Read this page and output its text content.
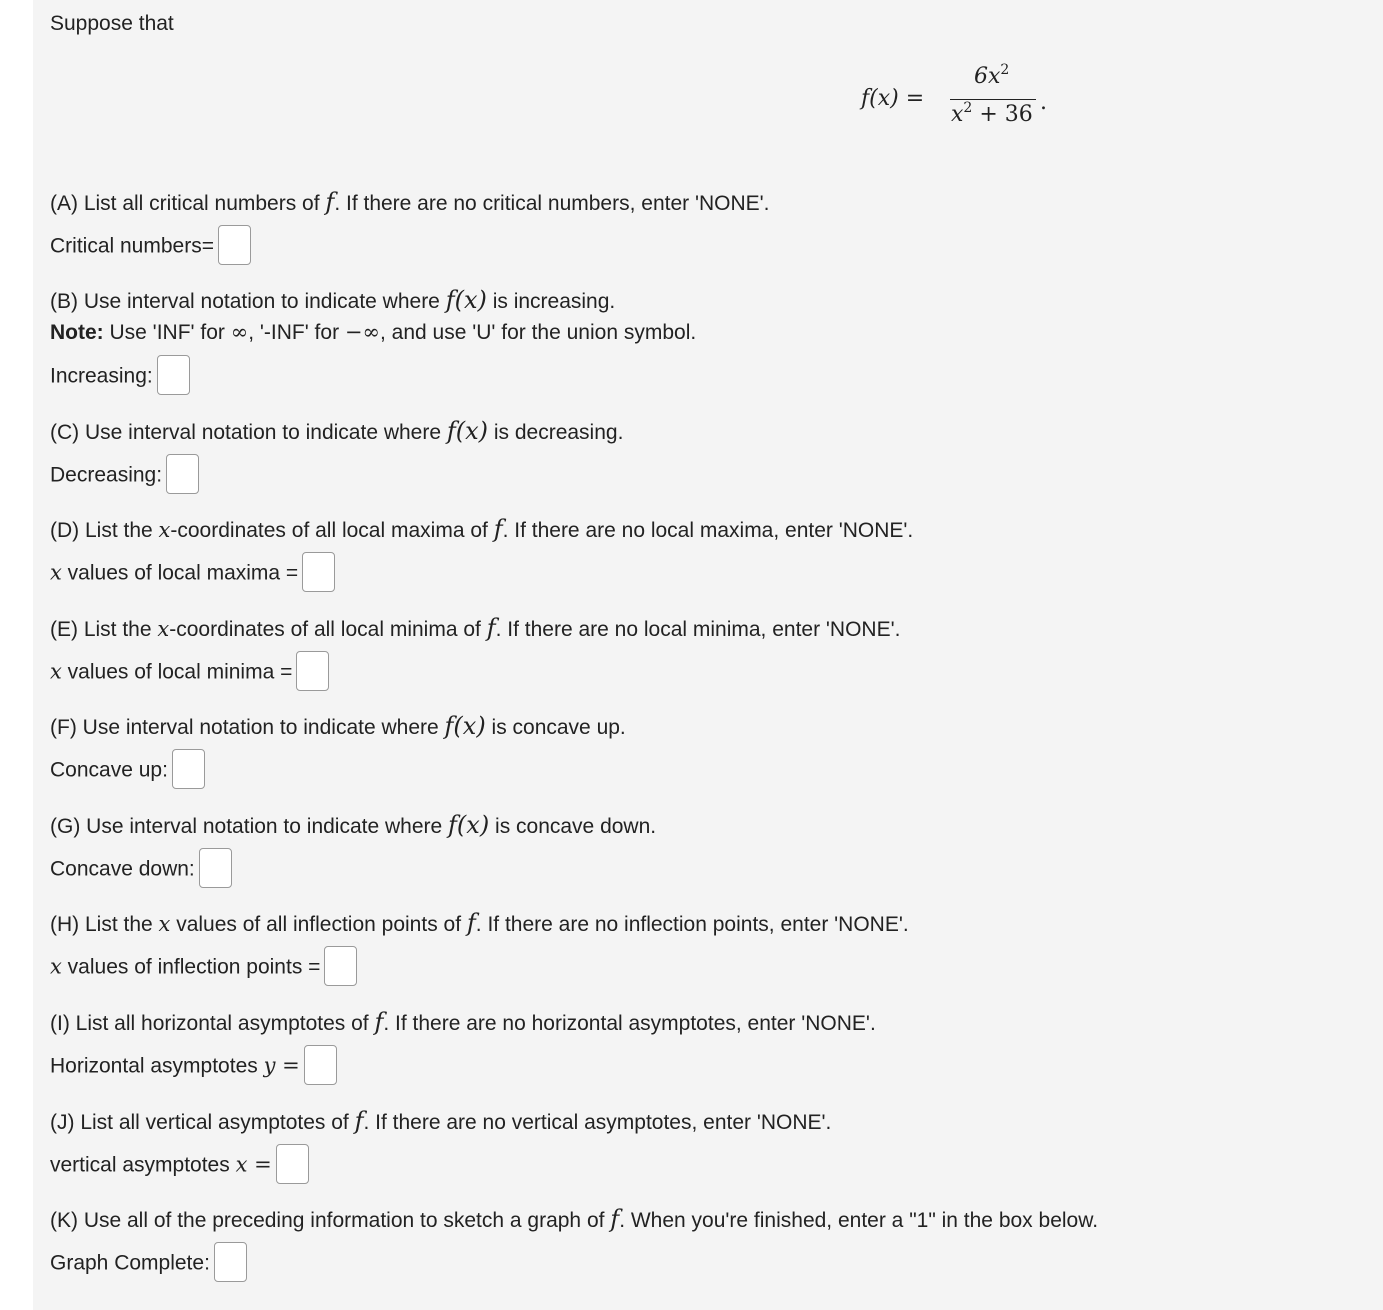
Suppose that
f(x) =
$6x^2$
$x^2 + 36$ .
(A) List all critical numbers of f. If there are no critical numbers, enter 'NONE'.
Critical numbers=
(B) Use interval notation to indicate where f(x) is increasing.
Note: Use 'INF' for ∞, '-INF' for −∞, and use 'U' for the union symbol.
Increasing:
(C) Use interval notation to indicate where f(x) is decreasing.
Decreasing:
(D) List the x-coordinates of all local maxima of f. If there are no local maxima, enter 'NONE'.
x values of local maxima =
(E) List the x-coordinates of all local minima of f. If there are no local minima, enter 'NONE'.
x values of local minima =
(F) Use interval notation to indicate where f(x) is concave up.
Concave up:
(G) Use interval notation to indicate where f(x) is concave down.
Concave down:
(H) List the x values of all inflection points of f. If there are no inflection points, enter 'NONE'.
x values of inflection points =
(I) List all horizontal asymptotes of f. If there are no horizontal asymptotes, enter 'NONE'.
Horizontal asymptotes y =
(J) List all vertical asymptotes of f. If there are no vertical asymptotes, enter 'NONE'.
vertical asymptotes x =
(K) Use all of the preceding information to sketch a graph of f. When you're finished, enter a "1" in the box below.
Graph Complete:
